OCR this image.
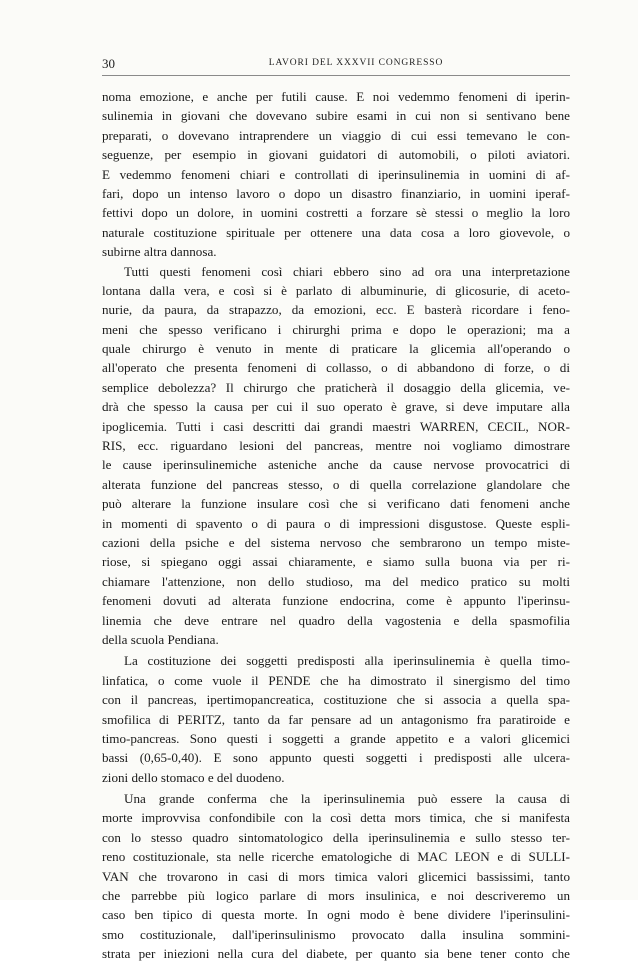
30	LAVORI DEL XXXVII CONGRESSO
noma emozione, e anche per futili cause. E noi vedemmo fenomeni di iperin-
sulinemia in giovani che dovevano subire esami in cui non si sentivano bene
preparati, o dovevano intraprendere un viaggio di cui essi temevano le con-
seguenze, per esempio in giovani guidatori di automobili, o piloti aviatori.
E vedemmo fenomeni chiari e controllati di iperinsulinemia in uomini di af-
fari, dopo un intenso lavoro o dopo un disastro finanziario, in uomini iperaf-
fettivi dopo un dolore, in uomini costretti a forzare sè stessi o meglio la loro
naturale costituzione spirituale per ottenere una data cosa a loro giovevole, o
subirne altra dannosa.
Tutti questi fenomeni così chiari ebbero sino ad ora una interpretazione
lontana dalla vera, e così si è parlato di albuminurie, di glicosurie, di aceto-
nurie, da paura, da strapazzo, da emozioni, ecc. E basterà ricordare i feno-
meni che spesso verificano i chirurghi prima e dopo le operazioni; ma a
quale chirurgo è venuto in mente di praticare la glicemia all'operando o
all'operato che presenta fenomeni di collasso, o di abbandono di forze, o di
semplice debolezza? Il chirurgo che praticherà il dosaggio della glicemia, ve-
drà che spesso la causa per cui il suo operato è grave, si deve imputare alla
ipoglicemia. Tutti i casi descritti dai grandi maestri WARREN, CECIL, NOR-
RIS, ecc. riguardano lesioni del pancreas, mentre noi vogliamo dimostrare
le cause iperinsulinemiche asteniche anche da cause nervose provocatrici di
alterata funzione del pancreas stesso, o di quella correlazione glandolare che
può alterare la funzione insulare così che si verificano dati fenomeni anche
in momenti di spavento o di paura o di impressioni disgustose. Queste espli-
cazioni della psiche e del sistema nervoso che sembrarono un tempo miste-
riose, si spiegano oggi assai chiaramente, e siamo sulla buona via per ri-
chiamare l'attenzione, non dello studioso, ma del medico pratico su molti
fenomeni dovuti ad alterata funzione endocrina, come è appunto l'iperinsu-
linemia che deve entrare nel quadro della vagostenia e della spasmofilia
della scuola Pendiana.
La costituzione dei soggetti predisposti alla iperinsulinemia è quella timo-
linfatica, o come vuole il PENDE che ha dimostrato il sinergismo del timo
con il pancreas, ipertimopancreatica, costituzione che si associa a quella spa-
smofilica di PERITZ, tanto da far pensare ad un antagonismo fra paratiroide e
timo-pancreas. Sono questi i soggetti a grande appetito e a valori glicemici
bassi (0,65-0,40). E sono appunto questi soggetti i predisposti alle ulcera-
zioni dello stomaco e del duodeno.
Una grande conferma che la iperinsulinemia può essere la causa di
morte improvvisa confondibile con la così detta mors timica, che si manifesta
con lo stesso quadro sintomatologico della iperinsulinemia e sullo stesso ter-
reno costituzionale, sta nelle ricerche ematologiche di MAC LEON e di SULLI-
VAN che trovarono in casi di mors timica valori glicemici bassissimi, tanto
che parrebbe più logico parlare di mors insulinica, e noi descriveremo un
caso ben tipico di questa morte. In ogni modo è bene dividere l'iperinsulini-
smo costituzionale, dall'iperinsulinismo provocato dalla insulina sommini-
strata per iniezioni nella cura del diabete, per quanto sia bene tener conto che
